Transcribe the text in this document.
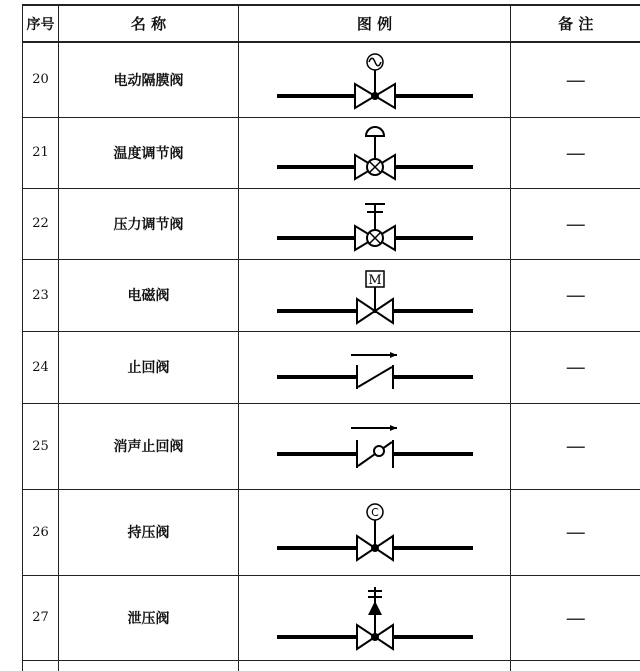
序号	名 称	图 例	备 注
20	电动隔膜阀		—
21	温度调节阀		—
22	压力调节阀		—
23	电磁阀	M	—
24	止回阀		—
25	消声止回阀		—
26	持压阀	C	—
27	泄压阀		—
